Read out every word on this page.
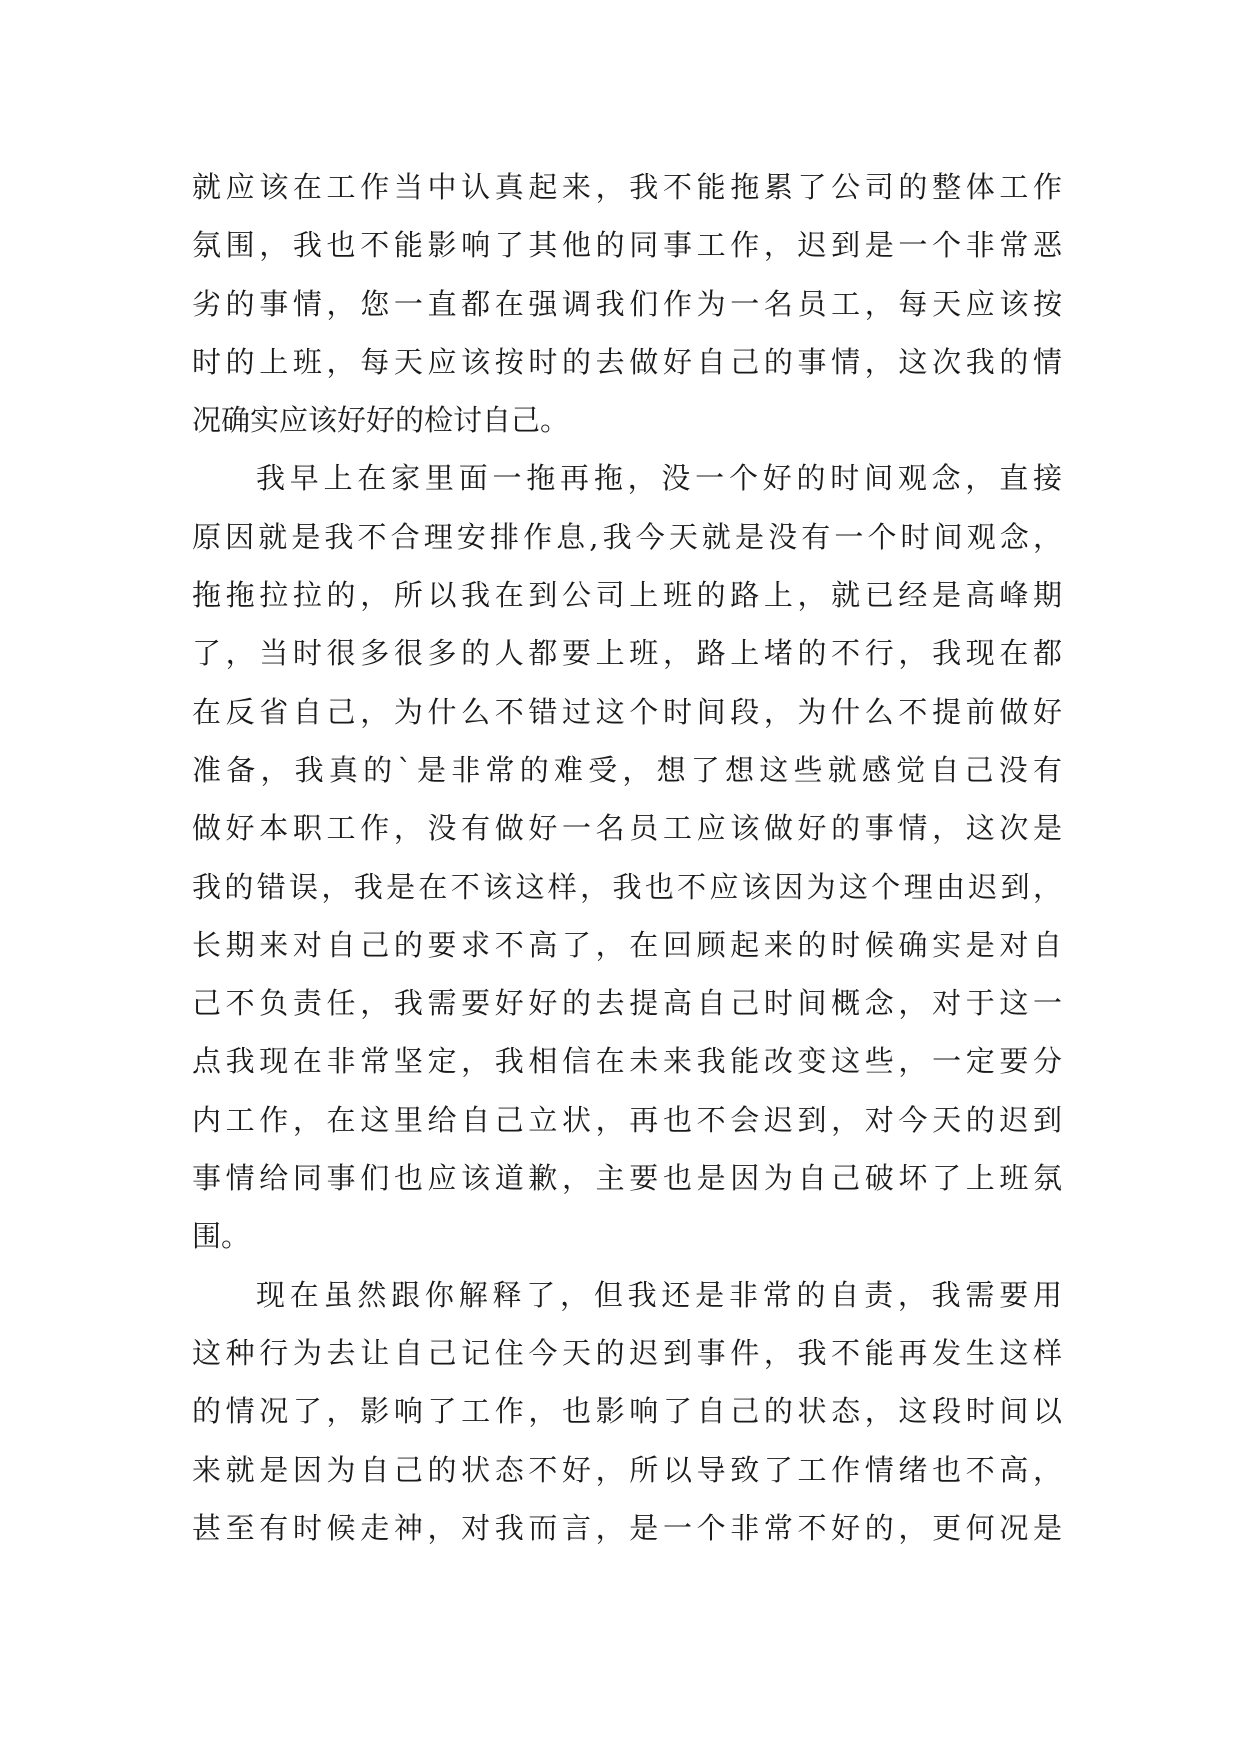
就应该在工作当中认真起来，我不能拖累了公司的整体工作
氛围，我也不能影响了其他的同事工作，迟到是一个非常恶
劣的事情，您一直都在强调我们作为一名员工，每天应该按
时的上班，每天应该按时的去做好自己的事情，这次我的情
况确实应该好好的检讨自己。
我早上在家里面一拖再拖，没一个好的时间观念，直接
原因就是我不合理安排作息,我今天就是没有一个时间观念，
拖拖拉拉的，所以我在到公司上班的路上，就已经是高峰期
了，当时很多很多的人都要上班，路上堵的不行，我现在都
在反省自己，为什么不错过这个时间段，为什么不提前做好
准备，我真的`是非常的难受，想了想这些就感觉自己没有
做好本职工作，没有做好一名员工应该做好的事情，这次是
我的错误，我是在不该这样，我也不应该因为这个理由迟到，
长期来对自己的要求不高了，在回顾起来的时候确实是对自
己不负责任，我需要好好的去提高自己时间概念，对于这一
点我现在非常坚定，我相信在未来我能改变这些，一定要分
内工作，在这里给自己立状，再也不会迟到，对今天的迟到
事情给同事们也应该道歉，主要也是因为自己破坏了上班氛
围。
现在虽然跟你解释了，但我还是非常的自责，我需要用
这种行为去让自己记住今天的迟到事件，我不能再发生这样
的情况了，影响了工作，也影响了自己的状态，这段时间以
来就是因为自己的状态不好，所以导致了工作情绪也不高，
甚至有时候走神，对我而言，是一个非常不好的，更何况是
